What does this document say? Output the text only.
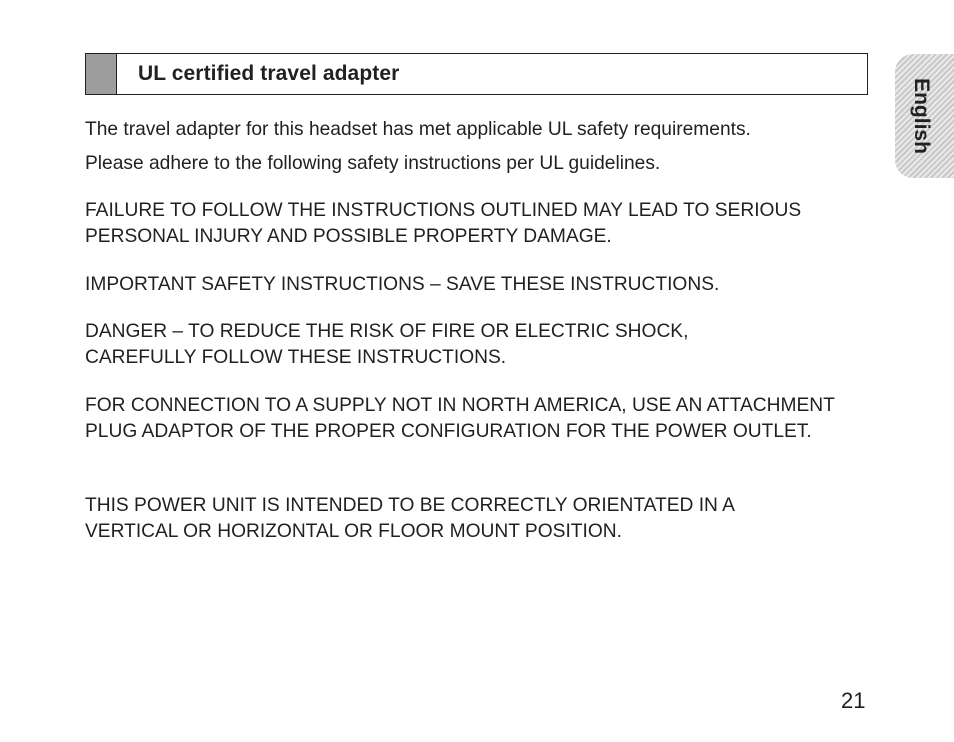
UL certified travel adapter
English

The travel adapter for this headset has met applicable UL safety requirements.

Please adhere to the following safety instructions per UL guidelines.

FAILURE TO FOLLOW THE INSTRUCTIONS OUTLINED MAY LEAD TO SERIOUS PERSONAL INJURY AND POSSIBLE PROPERTY DAMAGE.

IMPORTANT SAFETY INSTRUCTIONS – SAVE THESE INSTRUCTIONS.

DANGER – TO REDUCE THE RISK OF FIRE OR ELECTRIC SHOCK, CAREFULLY FOLLOW THESE INSTRUCTIONS.

FOR CONNECTION TO A SUPPLY NOT IN NORTH AMERICA, USE AN ATTACHMENT PLUG ADAPTOR OF THE PROPER CONFIGURATION FOR THE POWER OUTLET.

THIS POWER UNIT IS INTENDED TO BE CORRECTLY ORIENTATED IN A VERTICAL OR HORIZONTAL OR FLOOR MOUNT POSITION.

21
